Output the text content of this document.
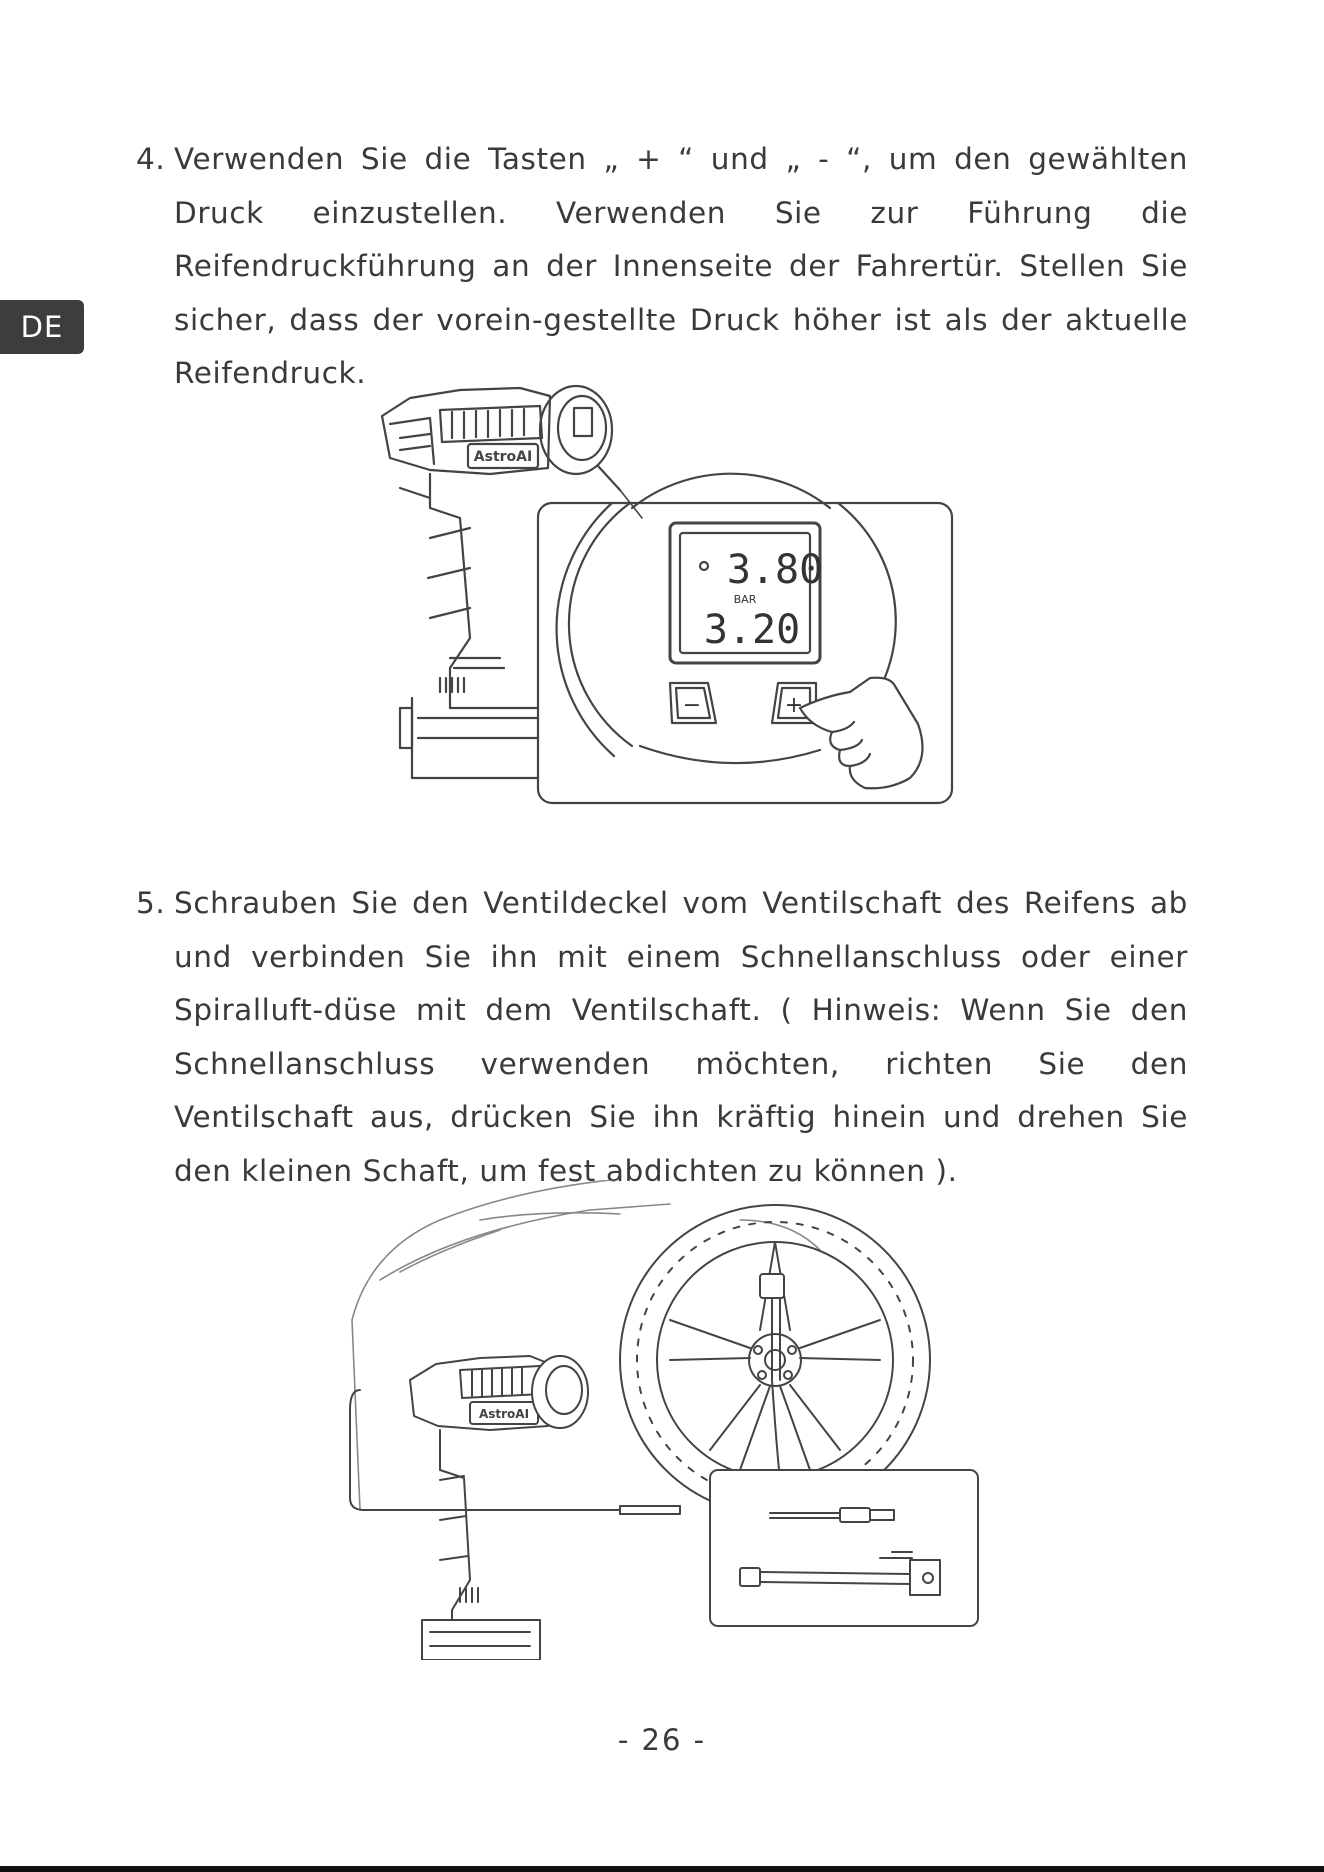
DE
4. Verwenden Sie die Tasten „ + “ und „ - “, um den gewählten Druck einzustellen. Verwenden Sie zur Führung die Reifendruckführung an der Innenseite der Fahrertür. Stellen Sie sicher, dass der vorein-gestellte Druck höher ist als der aktuelle Reifendruck.
AstroAI
3.80
BAR
3.20
−	+
5. Schrauben Sie den Ventildeckel vom Ventilschaft des Reifens ab und verbinden Sie ihn mit einem Schnellanschluss oder einer Spiralluft-düse mit dem Ventilschaft. ( Hinweis: Wenn Sie den Schnellanschluss verwenden möchten, richten Sie den Ventilschaft aus, drücken Sie ihn kräftig hinein und drehen Sie den kleinen Schaft, um fest abdichten zu können ).
AstroAI
- 26 -
